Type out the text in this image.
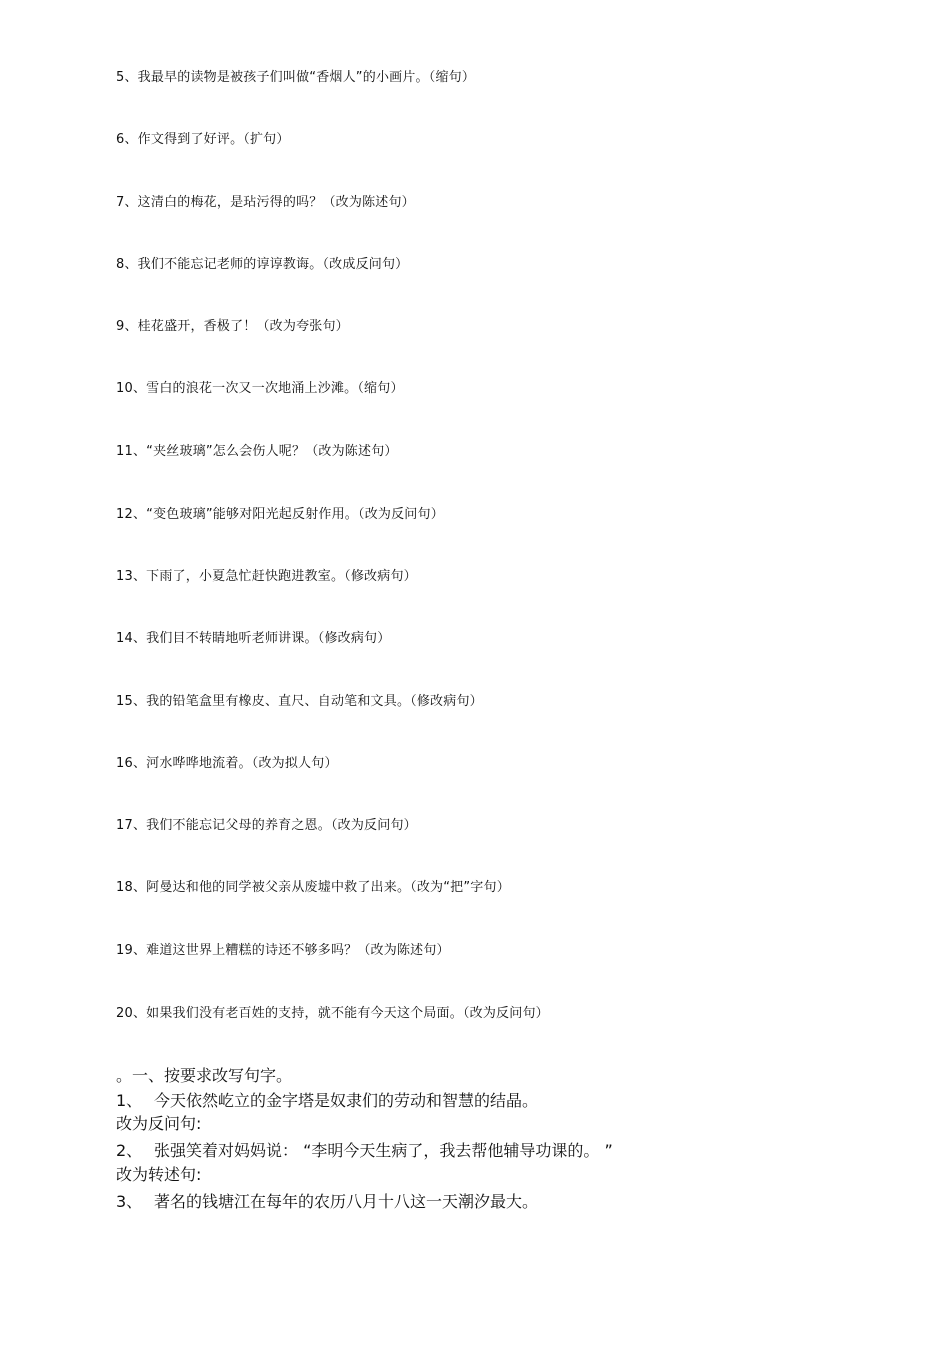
5、我最早的读物是被孩子们叫做“香烟人”的小画片。（缩句）
6、作文得到了好评。（扩句）
7、这清白的梅花，是玷污得的吗？（改为陈述句）
8、我们不能忘记老师的谆谆教诲。（改成反问句）
9、桂花盛开，香极了！（改为夸张句）
10、雪白的浪花一次又一次地涌上沙滩。（缩句）
11、“夹丝玻璃”怎么会伤人呢？（改为陈述句）
12、“变色玻璃”能够对阳光起反射作用。（改为反问句）
13、下雨了，小夏急忙赶快跑进教室。（修改病句）
14、我们目不转睛地听老师讲课。（修改病句）
15、我的铅笔盒里有橡皮、直尺、自动笔和文具。（修改病句）
16、河水哗哗地流着。（改为拟人句）
17、我们不能忘记父母的养育之恩。（改为反问句）
18、阿曼达和他的同学被父亲从废墟中救了出来。（改为“把”字句）
19、难道这世界上糟糕的诗还不够多吗？（改为陈述句）
20、如果我们没有老百姓的支持，就不能有今天这个局面。（改为反问句）
。一、按要求改写句字。
1、 今天依然屹立的金字塔是奴隶们的劳动和智慧的结晶。
改为反问句:
2、 张强笑着对妈妈说： “李明今天生病了，我去帮他辅导功课的。 ”
改为转述句:
3、 著名的钱塘江在每年的农历八月十八这一天潮汐最大。
